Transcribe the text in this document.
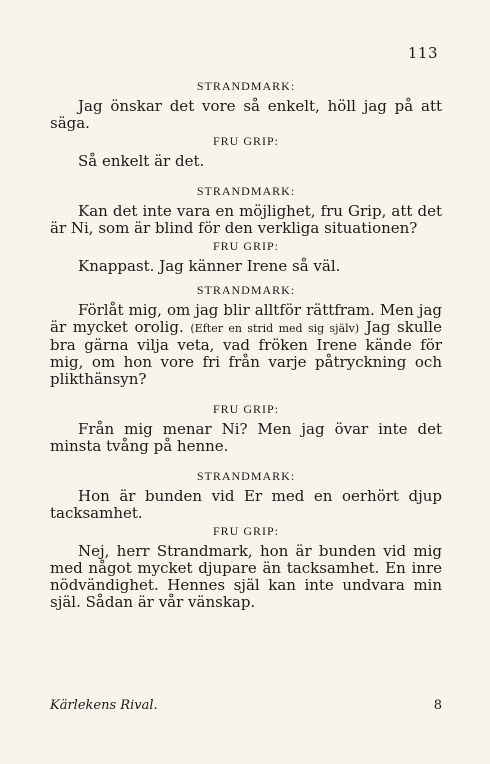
113
STRANDMARK:

Jag önskar det vore så enkelt, höll jag på att säga.

FRU GRIP:

Så enkelt är det.

STRANDMARK:

Kan det inte vara en möjlighet, fru Grip, att det är Ni, som är blind för den verkliga situationen?

FRU GRIP:

Knappast. Jag känner Irene så väl.

STRANDMARK:

Förlåt mig, om jag blir alltför rättfram. Men jag är mycket orolig. (Efter en strid med sig själv) Jag skulle bra gärna vilja veta, vad fröken Irene kände för mig, om hon vore fri från varje påtryckning och plikthänsyn?

FRU GRIP:

Från mig menar Ni? Men jag övar inte det minsta tvång på henne.

STRANDMARK:

Hon är bunden vid Er med en oerhört djup tacksamhet.

FRU GRIP:

Nej, herr Strandmark, hon är bunden vid mig med något mycket djupare än tacksamhet. En inre nödvändighet. Hennes själ kan inte undvara min själ. Sådan är vår vänskap.

Kärlekens Rival.	8
